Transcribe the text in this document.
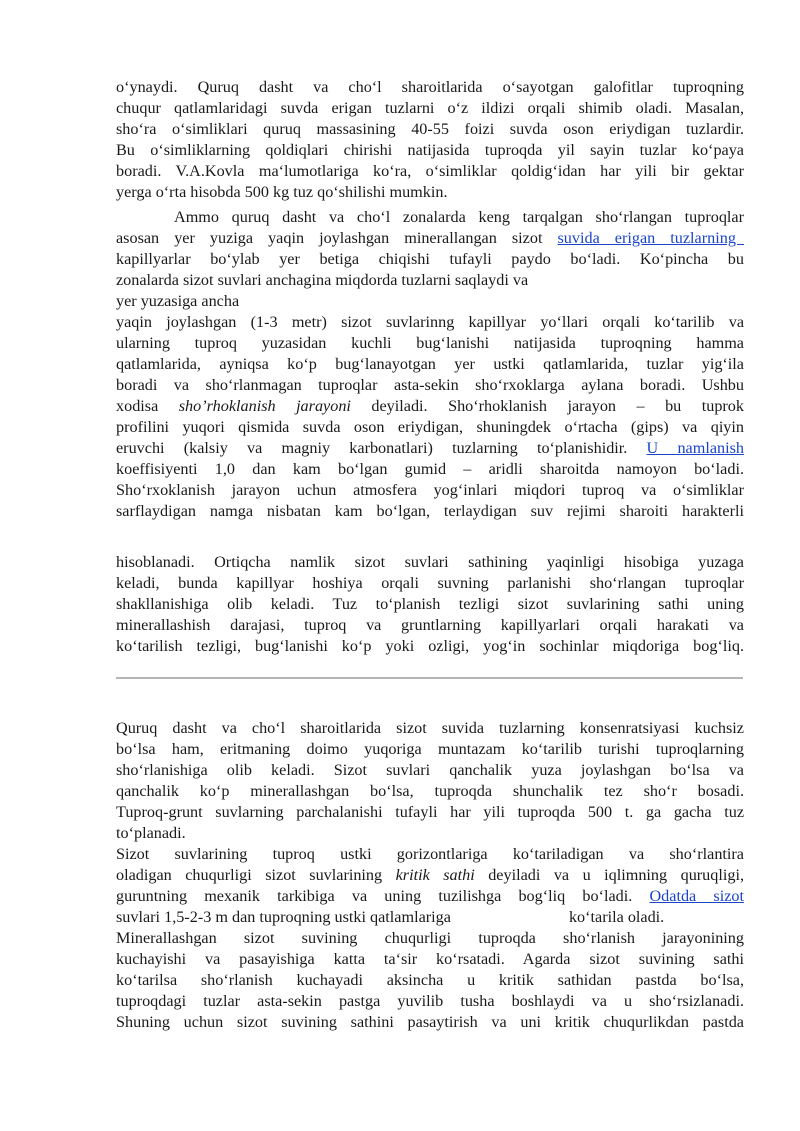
o‘ynaydi. Quruq dasht va cho‘l sharoitlarida o‘sayotgan galofitlar tuproqning
chuqur qatlamlaridagi suvda erigan tuzlarni o‘z ildizi orqali shimib oladi. Masalan,
sho‘ra o‘simliklari quruq massasining 40-55 foizi suvda oson eriydigan tuzlardir.
Bu o‘simliklarning qoldiqlari chirishi natijasida tuproqda yil sayin tuzlar ko‘paya
boradi. V.A.Kovla ma‘lumotlariga ko‘ra, o‘simliklar qoldig‘idan har yili bir gektar
yerga o‘rta hisobda 500 kg tuz qo‘shilishi mumkin.
Ammo quruq dasht va cho‘l zonalarda keng tarqalgan sho‘rlangan tuproqlar
asosan yer yuziga yaqin joylashgan minerallangan sizot suvida erigan tuzlarning
kapillyarlar bo‘ylab yer betiga chiqishi tufayli paydo bo‘ladi. Ko‘pincha bu
zonalarda sizot suvlari anchagina miqdorda tuzlarni saqlaydi va
yer yuzasiga ancha
yaqin joylashgan (1-3 metr) sizot suvlarinng kapillyar yo‘llari orqali ko‘tarilib va
ularning tuproq yuzasidan kuchli bug‘lanishi natijasida tuproqning hamma
qatlamlarida, ayniqsa ko‘p bug‘lanayotgan yer ustki qatlamlarida, tuzlar yig‘ila
boradi va sho‘rlanmagan tuproqlar asta-sekin sho‘rxoklarga aylana boradi. Ushbu
xodisa sho’rhoklanish jarayoni deyiladi. Sho‘rhoklanish jarayon – bu tuprok
profilini yuqori qismida suvda oson eriydigan, shuningdek o‘rtacha (gips) va qiyin
eruvchi (kalsiy va magniy karbonatlari) tuzlarning to‘planishidir. U namlanish
koeffisiyenti 1,0 dan kam bo‘lgan gumid – aridli sharoitda namoyon bo‘ladi.
Sho‘rxoklanish jarayon uchun atmosfera yog‘inlari miqdori tuproq va o‘simliklar
sarflaydigan namga nisbatan kam bo‘lgan, terlaydigan suv rejimi sharoiti harakterli
hisoblanadi. Ortiqcha namlik sizot suvlari sathining yaqinligi hisobiga yuzaga
keladi, bunda kapillyar hoshiya orqali suvning parlanishi sho‘rlangan tuproqlar
shakllanishiga olib keladi. Tuz to‘planish tezligi sizot suvlarining sathi uning
minerallashish darajasi, tuproq va gruntlarning kapillyarlari orqali harakati va
ko‘tarilish tezligi, bug‘lanishi ko‘p yoki ozligi, yog‘in sochinlar miqdoriga bog‘liq.
Quruq dasht va cho‘l sharoitlarida sizot suvida tuzlarning konsenratsiyasi kuchsiz
bo‘lsa ham, eritmaning doimo yuqoriga muntazam ko‘tarilib turishi tuproqlarning
sho‘rlanishiga olib keladi. Sizot suvlari qanchalik yuza joylashgan bo‘lsa va
qanchalik ko‘p minerallashgan bo‘lsa, tuproqda shunchalik tez sho‘r bosadi.
Tuproq-grunt suvlarning parchalanishi tufayli har yili tuproqda 500 t. ga gacha tuz
to‘planadi.
Sizot suvlarining tuproq ustki gorizontlariga ko‘tariladigan va sho‘rlantira
oladigan chuqurligi sizot suvlarining kritik sathi deyiladi va u iqlimning quruqligi,
guruntning mexanik tarkibiga va uning tuzilishga bog‘liq bo‘ladi. Odatda sizot
suvlari 1,5-2-3 m dan tuproqning ustki qatlamlariga	ko‘tarila oladi.
Minerallashgan sizot suvining chuqurligi tuproqda sho‘rlanish jarayonining
kuchayishi va pasayishiga katta ta‘sir ko‘rsatadi. Agarda sizot suvining sathi
ko‘tarilsa sho‘rlanish kuchayadi aksincha u kritik sathidan pastda bo‘lsa,
tuproqdagi tuzlar asta-sekin pastga yuvilib tusha boshlaydi va u sho‘rsizlanadi.
Shuning uchun sizot suvining sathini pasaytirish va uni kritik chuqurlikdan pastda
